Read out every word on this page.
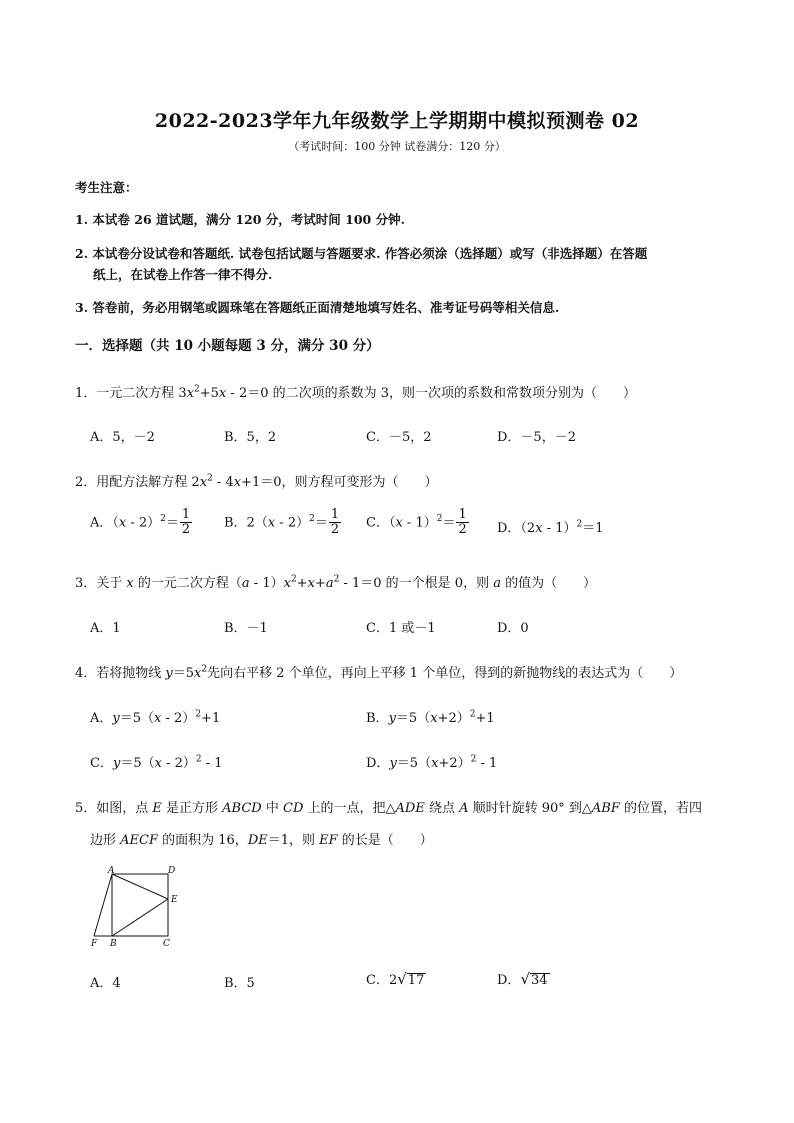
2022-2023学年九年级数学上学期期中模拟预测卷 02
（考试时间：100 分钟 试卷满分：120 分）
考生注意：
1. 本试卷 26 道试题，满分 120 分，考试时间 100 分钟.
2. 本试卷分设试卷和答题纸. 试卷包括试题与答题要求. 作答必须涂（选择题）或写（非选择题）在答题
纸上，在试卷上作答一律不得分.
3. 答卷前，务必用钢笔或圆珠笔在答题纸正面清楚地填写姓名、准考证号码等相关信息.
一．选择题（共 10 小题每题 3 分，满分 30 分）
1．一元二次方程 $3x^2+5x - 2=0$ 的二次项的系数为 3，则一次项的系数和常数项分别为（　　）
A．5，－2	B．5，2	C．－5，2	D．－5，－2
2．用配方法解方程 $2x^2 - 4x+1=0$，则方程可变形为（　　）
A．$(x - 2)^2= \frac{1}{2}$ B．$2(x - 2)^2= \frac{1}{2}$ C．$(x - 1)^2= \frac{1}{2}$ D．（2x - 1）$^2$＝1
3．关于 x 的一元二次方程$(a - 1)x^2+x+a^2 - 1=0$ 的一个根是 0，则 a 的值为（　　）
A．1	B．－1	C．1 或－1	D．0
4．若将抛物线 $y=5x^2$先向右平移 2 个单位，再向上平移 1 个单位，得到的新抛物线的表达式为（　　）
A．y＝5（x - 2）$^2$+1	B．$y=5(x+2)^2+1$
C．y＝5（x - 2）$^2$ - 1	D．$y=5(x+2)^2 - 1$
5．如图，点 E 是正方形 ABCD 中 CD 上的一点，把△ADE 绕点 A 顺时针旋转 90° 到△ABF 的位置，若四
边形 AECF 的面积为 16，DE＝1，则 EF 的长是（　　）
A	D
E
F B	C
A．4	B．5	C．2√17	D．√34
